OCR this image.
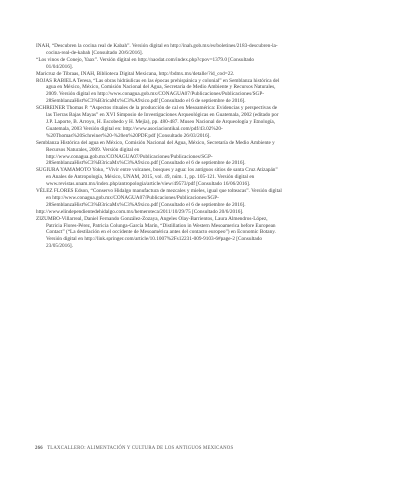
INAH, “Descubren la cocina real de Kabah”. Versión digital en http://inah.gob.mx/es/boletines/2183-descubren-la-cocina-real-de-kabah [Consultado 20/6/2016].
“Los vinos de Conejo, Yaax”. Versión digital en http://naodat.com/index.php?cpov=1379.0 [Consultado 01/04/2016].
Maricruz de Tibraas, INAH, Biblioteca Digital Mexicana, http://bdmx.mx/detalle/?id_cod=22.
ROJAS RABIELA Teresa, “Las obras hidráulicas en las épocas prehispánica y colonial” en Semblanza histórica del agua en México, México, Comisión Nacional del Agua, Secretaría de Medio Ambiente y Recursos Naturales, 2009. Versión digital en http://www.conagua.gob.mx/CONAGUA07/Publicaciones/Publicaciones/SGP-28SemblanzaHist%C3%B3ricaMx%C3%A9xico.pdf [Consultado el 6 de septiembre de 2016].
SCHREINER Thomas P. “Aspectos rituales de la producción de cal en Mesoamérica: Evidencias y perspectivas de las Tierras Bajas Mayas” en XVI Simposio de Investigaciones Arqueológicas en Guatemala, 2002 (editado por J.P. Laporte, B. Arroyo, H. Escobedo y H. Mejía), pp. 480-487. Museo Nacional de Arqueología y Etnología, Guatemala, 2003 Versión digital en: http://www.asociaciontikal.com/pdf/43.02%20-%20Thomas%20Schreiner%20-%20en%20PDF.pdf [Consultado 26/03/2016].
Semblanza Histórica del agua en México, Comisión Nacional del Agua, México, Secretaría de Medio Ambiente y Recursos Naturales, 2009. Versión digital en http://www.conagua.gob.mx/CONAGUA07/Publicaciones/Publicaciones/SGP-28SemblanzaHist%C3%B3ricaMx%C3%A9xico.pdf [Consultado el 6 de septiembre de 2016].
SUGIURA YAMAMOTO Yoko, “Vivir entre volcanes, bosques y agua: los antiguos sitios de santa Cruz Atizapán” en Anales de Antropología, México, UNAM, 2015, vol. 49, núm. 1, pp. 105-121. Versión digital en www.revistas.unam.mx/index.php/antropologia/article/view/49573/pdf [Consultado 16/06/2016].
VÉLEZ FLORES Edson, “Conservo Hidalgo manufactura de mezcales y mieles, igual que tolteacas”. Versión digital en http://www.conagua.gob.mx/CONAGUA07/Publicaciones/Publicaciones/SGP-28SemblanzaHist%C3%B3ricaMx%C3%A9xico.pdf [Consultado el 6 de septiembre de 2016].
http://www.elindependientedehidalgo.com.mx/hemeroteca/2011/10/29/75 [Consultado 20/6/2016].
ZIZUMBO-Villarreal, Daniel Fernando González-Zozaya, Angeles Olay-Barrientos, Laura Almendros-López, Patricia Flores-Pérez, Patricia Colunga-García Marín, “Distillation in Western Mesoamerica before European Contact” (“La destilación en el occidente de Mesoamérica antes del contacto europeo”) en Economic Botany. Versión digital en http://link.springer.com/article/10.1007%2Fs12231-009-9103-6#page-2 [Consultado 23/05/2016].
266 TLAXCALLERO: ALIMENTACIÓN Y CULTURA DE LOS ANTIGUOS MEXICANOS
